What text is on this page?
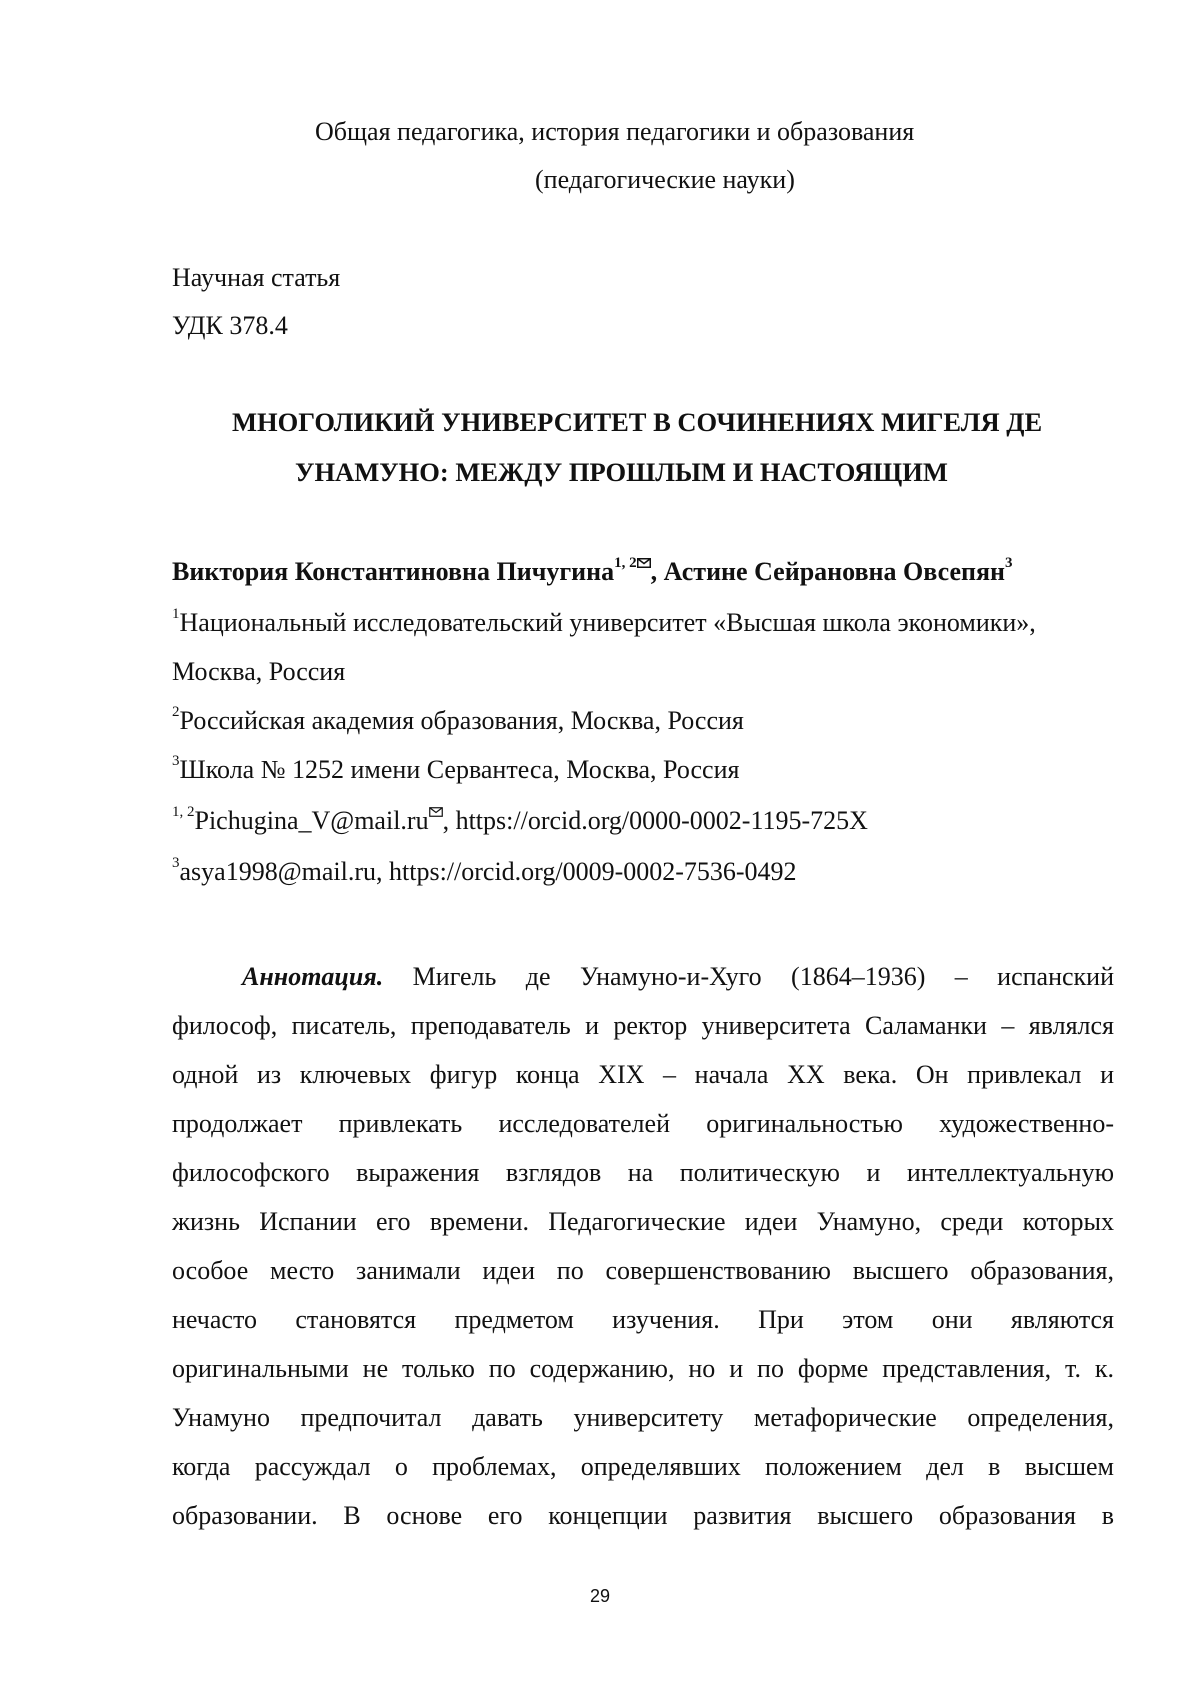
Общая педагогика, история педагогики и образования
(педагогические науки)
Научная статья
УДК 378.4
МНОГОЛИКИЙ УНИВЕРСИТЕТ В СОЧИНЕНИЯХ МИГЕЛЯ ДЕ
УНАМУНО: МЕЖДУ ПРОШЛЫМ И НАСТОЯЩИМ
Виктория Константиновна Пичугина$^{1, 2}$ , Астине Сейрановна Овсепян$^3$
$^1$Национальный исследовательский университет «Высшая школа экономики»,
Москва, Россия
$^2$Российская академия образования, Москва, Россия
$^3$Школа № 1252 имени Сервантеса, Москва, Россия
$^{1, 2}$Pichugina_V@mail.ru , https://orcid.org/0000-0002-1195-725X
$^3$asya1998@mail.ru, https://orcid.org/0009-0002-7536-0492
Аннотация. Мигель де Унамуно-и-Хуго (1864–1936) – испанский
философ, писатель, преподаватель и ректор университета Саламанки – являлся
одной из ключевых фигур конца XIX – начала XX века. Он привлекал и
продолжает привлекать исследователей оригинальностью художественно-
философского выражения взглядов на политическую и интеллектуальную
жизнь Испании его времени. Педагогические идеи Унамуно, среди которых
особое место занимали идеи по совершенствованию высшего образования,
нечасто становятся предметом изучения. При этом они являются
оригинальными не только по содержанию, но и по форме представления, т. к.
Унамуно предпочитал давать университету метафорические определения,
когда рассуждал о проблемах, определявших положением дел в высшем
образовании. В основе его концепции развития высшего образования в
29
